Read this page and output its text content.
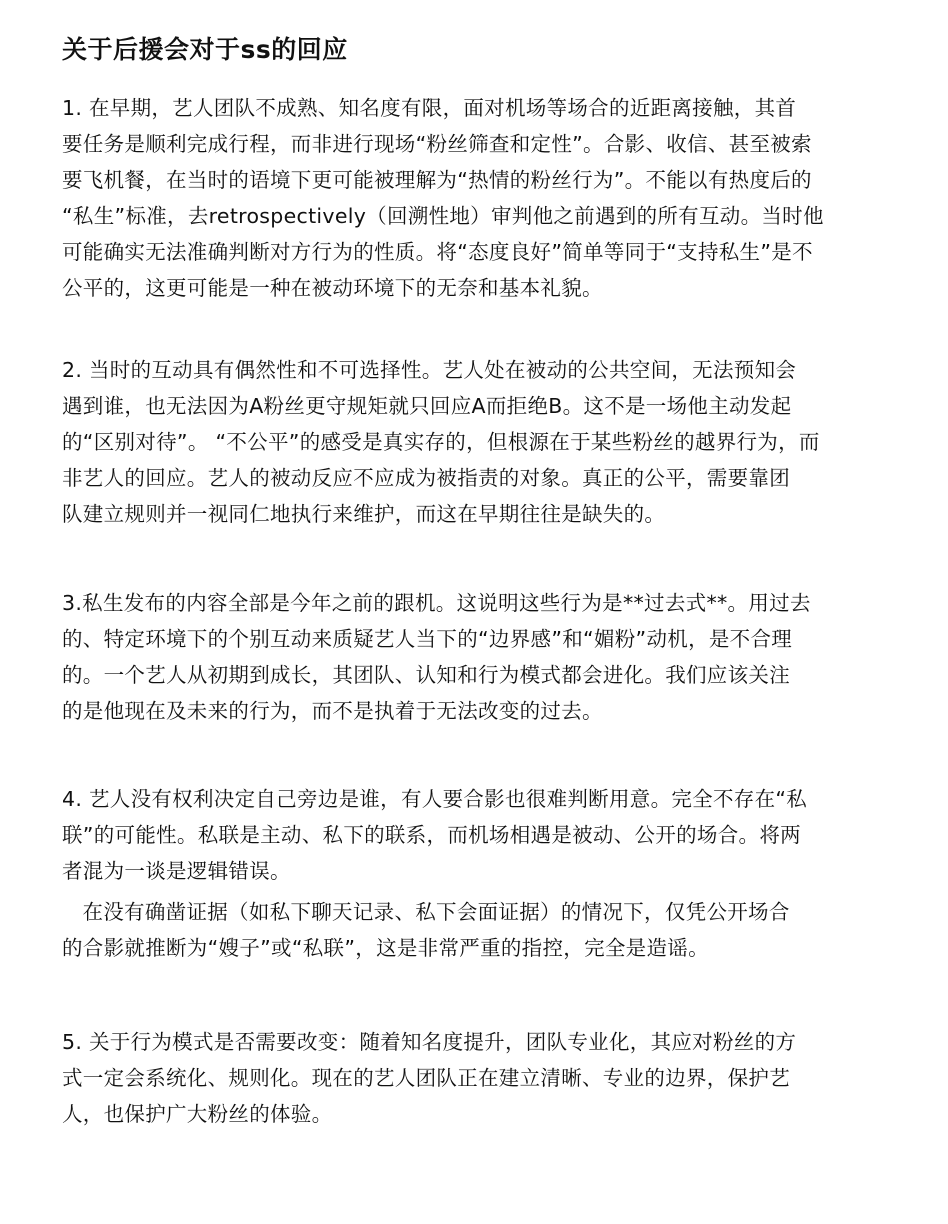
关于后援会对于ss的回应
1. 在早期，艺人团队不成熟、知名度有限，面对机场等场合的近距离接触，其首
要任务是顺利完成行程，而非进行现场“粉丝筛查和定性”。合影、收信、甚至被索
要飞机餐，在当时的语境下更可能被理解为“热情的粉丝行为”。不能以有热度后的
“私生”标准，去retrospectively（回溯性地）审判他之前遇到的所有互动。当时他
可能确实无法准确判断对方行为的性质。将“态度良好”简单等同于“支持私生”是不
公平的，这更可能是一种在被动环境下的无奈和基本礼貌。
2. 当时的互动具有偶然性和不可选择性。艺人处在被动的公共空间，无法预知会
遇到谁，也无法因为A粉丝更守规矩就只回应A而拒绝B。这不是一场他主动发起
的“区别对待”。 “不公平”的感受是真实存的，但根源在于某些粉丝的越界行为，而
非艺人的回应。艺人的被动反应不应成为被指责的对象。真正的公平，需要靠团
队建立规则并一视同仁地执行来维护，而这在早期往往是缺失的。
3.私生发布的内容全部是今年之前的跟机。这说明这些行为是**过去式**。用过去
的、特定环境下的个别互动来质疑艺人当下的“边界感”和“媚粉”动机，是不合理
的。一个艺人从初期到成长，其团队、认知和行为模式都会进化。我们应该关注
的是他现在及未来的行为，而不是执着于无法改变的过去。
4. 艺人没有权利决定自己旁边是谁，有人要合影也很难判断用意。完全不存在“私
联”的可能性。私联是主动、私下的联系，而机场相遇是被动、公开的场合。将两
者混为一谈是逻辑错误。
在没有确凿证据（如私下聊天记录、私下会面证据）的情况下，仅凭公开场合
的合影就推断为“嫂子”或“私联”，这是非常严重的指控，完全是造谣。
5. 关于行为模式是否需要改变：随着知名度提升，团队专业化，其应对粉丝的方
式一定会系统化、规则化。现在的艺人团队正在建立清晰、专业的边界，保护艺
人，也保护广大粉丝的体验。
